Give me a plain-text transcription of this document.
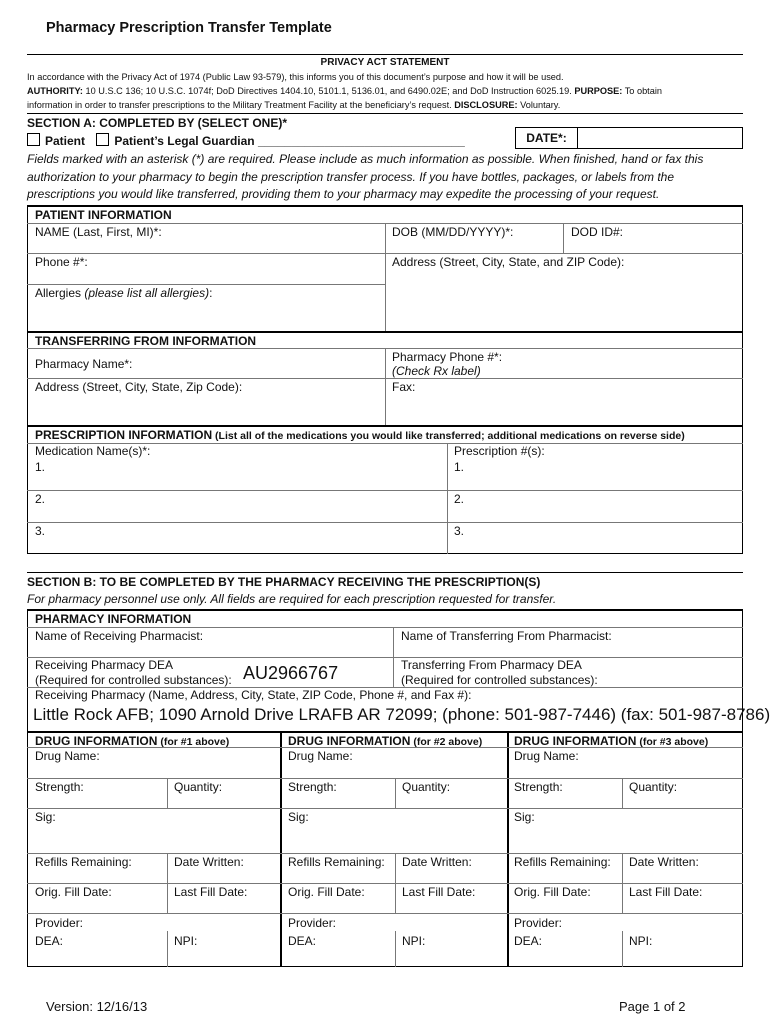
Pharmacy Prescription Transfer Template
PRIVACY ACT STATEMENT
In accordance with the Privacy Act of 1974 (Public Law 93-579), this informs you of this document’s purpose and how it will be used.
AUTHORITY: 10 U.S.C 136; 10 U.S.C. 1074f; DoD Directives 1404.10, 5101.1, 5136.01, and 6490.02E; and DoD Instruction 6025.19. PURPOSE: To obtain
information in order to transfer prescriptions to the Military Treatment Facility at the beneficiary’s request. DISCLOSURE: Voluntary.
SECTION A: COMPLETED BY (SELECT ONE)*
Patient Patient’s Legal Guardian _______________________________	DATE*:
Fields marked with an asterisk (*) are required. Please include as much information as possible. When finished, hand or fax this
authorization to your pharmacy to begin the prescription transfer process. If you have bottles, packages, or labels from the
prescriptions you would like transferred, providing them to your pharmacy may expedite the processing of your request.
PATIENT INFORMATION
NAME (Last, First, MI)*:	DOB (MM/DD/YYYY)*:	DOD ID#:
Phone #*:	Address (Street, City, State, and ZIP Code):
Allergies (please list all allergies):
TRANSFERRING FROM INFORMATION
Pharmacy Name*:	Pharmacy Phone #*:
(Check Rx label)
Address (Street, City, State, Zip Code):	Fax:
PRESCRIPTION INFORMATION (List all of the medications you would like transferred; additional medications on reverse side)
Medication Name(s)*:	Prescription #(s):
1.	1.
2.	2.
3.	3.
SECTION B: TO BE COMPLETED BY THE PHARMACY RECEIVING THE PRESCRIPTION(S)
For pharmacy personnel use only. All fields are required for each prescription requested for transfer.
PHARMACY INFORMATION
Name of Receiving Pharmacist:	Name of Transferring From Pharmacist:
Receiving Pharmacy DEA
(Required for controlled substances): AU2966767	Transferring From Pharmacy DEA
(Required for controlled substances):
Receiving Pharmacy (Name, Address, City, State, ZIP Code, Phone #, and Fax #):
Little Rock AFB; 1090 Arnold Drive LRAFB AR 72099; (phone: 501-987-7446) (fax: 501-987-8786)
DRUG INFORMATION (for #1 above)	DRUG INFORMATION (for #2 above)	DRUG INFORMATION (for #3 above)
Drug Name:
Strength:	Quantity:
Sig:
Refills Remaining:	Date Written:
Orig. Fill Date:	Last Fill Date:
Provider:
DEA:	NPI:
Drug Name:
Strength:	Quantity:
Sig:
Refills Remaining: Date Written:
Orig. Fill Date:	Last Fill Date:
Provider:
DEA:	NPI:
Drug Name:
Strength:	Quantity:
Sig:
Refills Remaining: Date Written:
Orig. Fill Date:	Last Fill Date:
Provider:
DEA:	NPI:
Version: 12/16/13	Page 1 of 2
